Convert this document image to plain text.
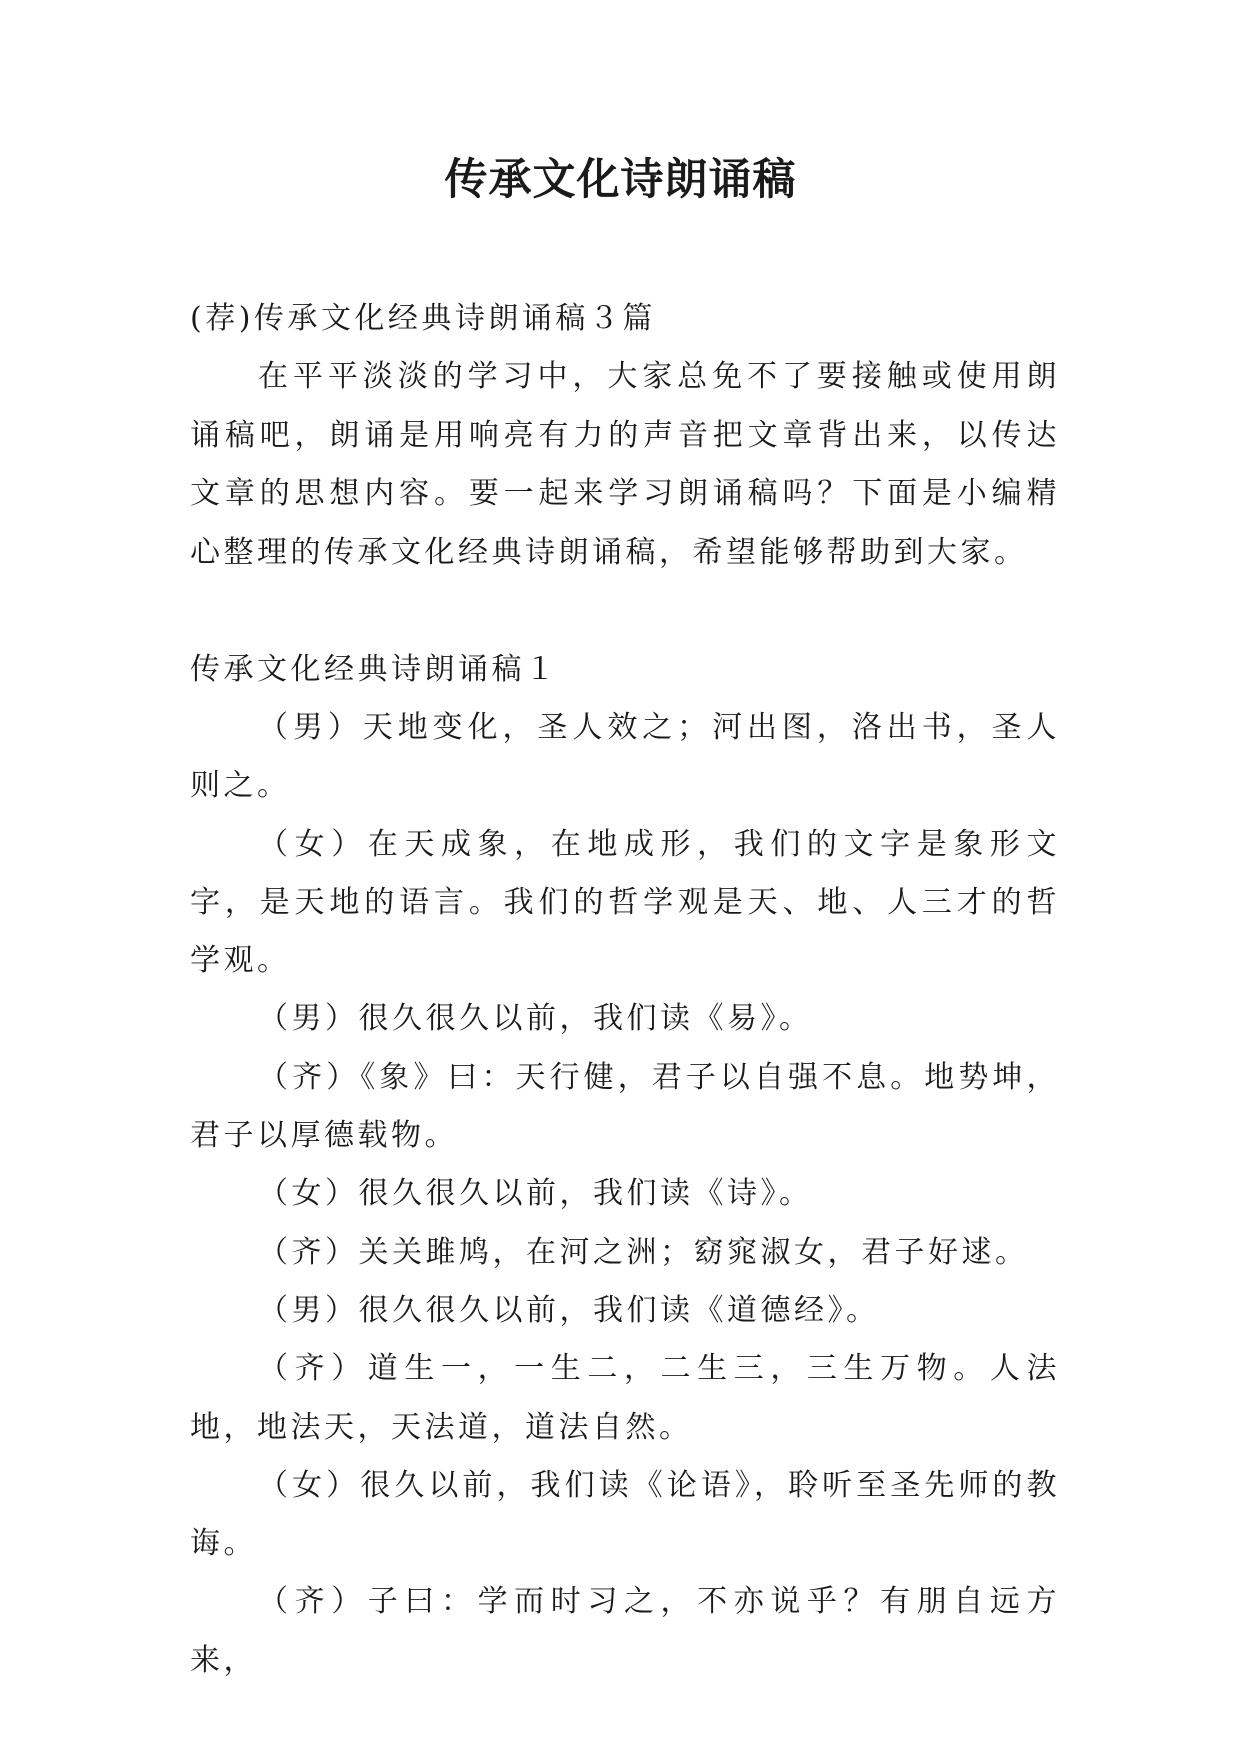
传承文化诗朗诵稿

(荐)传承文化经典诗朗诵稿３篇

在平平淡淡的学习中，大家总免不了要接触或使用朗诵稿吧，朗诵是用响亮有力的声音把文章背出来，以传达文章的思想内容。要一起来学习朗诵稿吗？下面是小编精心整理的传承文化经典诗朗诵稿，希望能够帮助到大家。

传承文化经典诗朗诵稿１

（男）天地变化，圣人效之；河出图，洛出书，圣人则之。
（女）在天成象，在地成形，我们的文字是象形文字，是天地的语言。我们的哲学观是天、地、人三才的哲学观。
（男）很久很久以前，我们读《易》。
（齐）《象》曰：天行健，君子以自强不息。地势坤，君子以厚德载物。
（女）很久很久以前，我们读《诗》。
（齐）关关雎鸠，在河之洲；窈窕淑女，君子好逑。
（男）很久很久以前，我们读《道德经》。
（齐）道生一，一生二，二生三，三生万物。人法地，地法天，天法道，道法自然。
（女）很久以前，我们读《论语》，聆听至圣先师的教诲。
（齐）子曰：学而时习之，不亦说乎？有朋自远方来，
